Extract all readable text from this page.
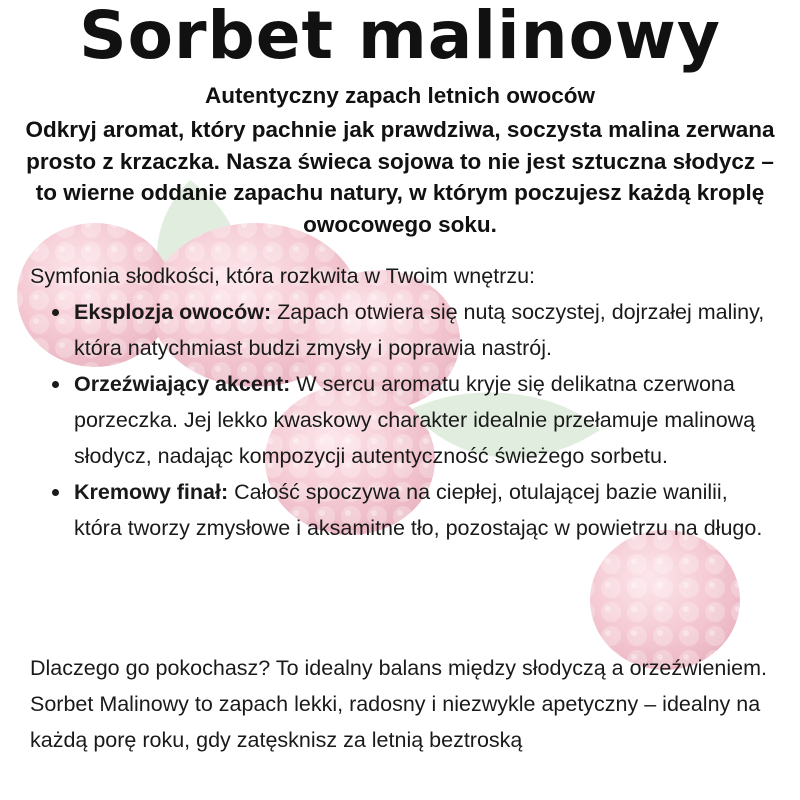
Sorbet malinowy
Autentyczny zapach letnich owoców
Odkryj aromat, który pachnie jak prawdziwa, soczysta malina zerwana prosto z krzaczka. Nasza świeca sojowa to nie jest sztuczna słodycz – to wierne oddanie zapachu natury, w którym poczujesz każdą kroplę owocowego soku.
Symfonia słodkości, która rozkwita w Twoim wnętrzu:
Eksplozja owoców: Zapach otwiera się nutą soczystej, dojrzałej maliny, która natychmiast budzi zmysły i poprawia nastrój.
Orzeźwiający akcent: W sercu aromatu kryje się delikatna czerwona porzeczka. Jej lekko kwaskowy charakter idealnie przełamuje malinową słodycz, nadając kompozycji autentyczność świeżego sorbetu.
Kremowy finał: Całość spoczywa na ciepłej, otulającej bazie wanilii, która tworzy zmysłowe i aksamitne tło, pozostając w powietrzu na długo.
Dlaczego go pokochasz? To idealny balans między słodyczą a orzeźwieniem. Sorbet Malinowy to zapach lekki, radosny i niezwykle apetyczny – idealny na każdą porę roku, gdy zatęsknisz za letnią beztroską
